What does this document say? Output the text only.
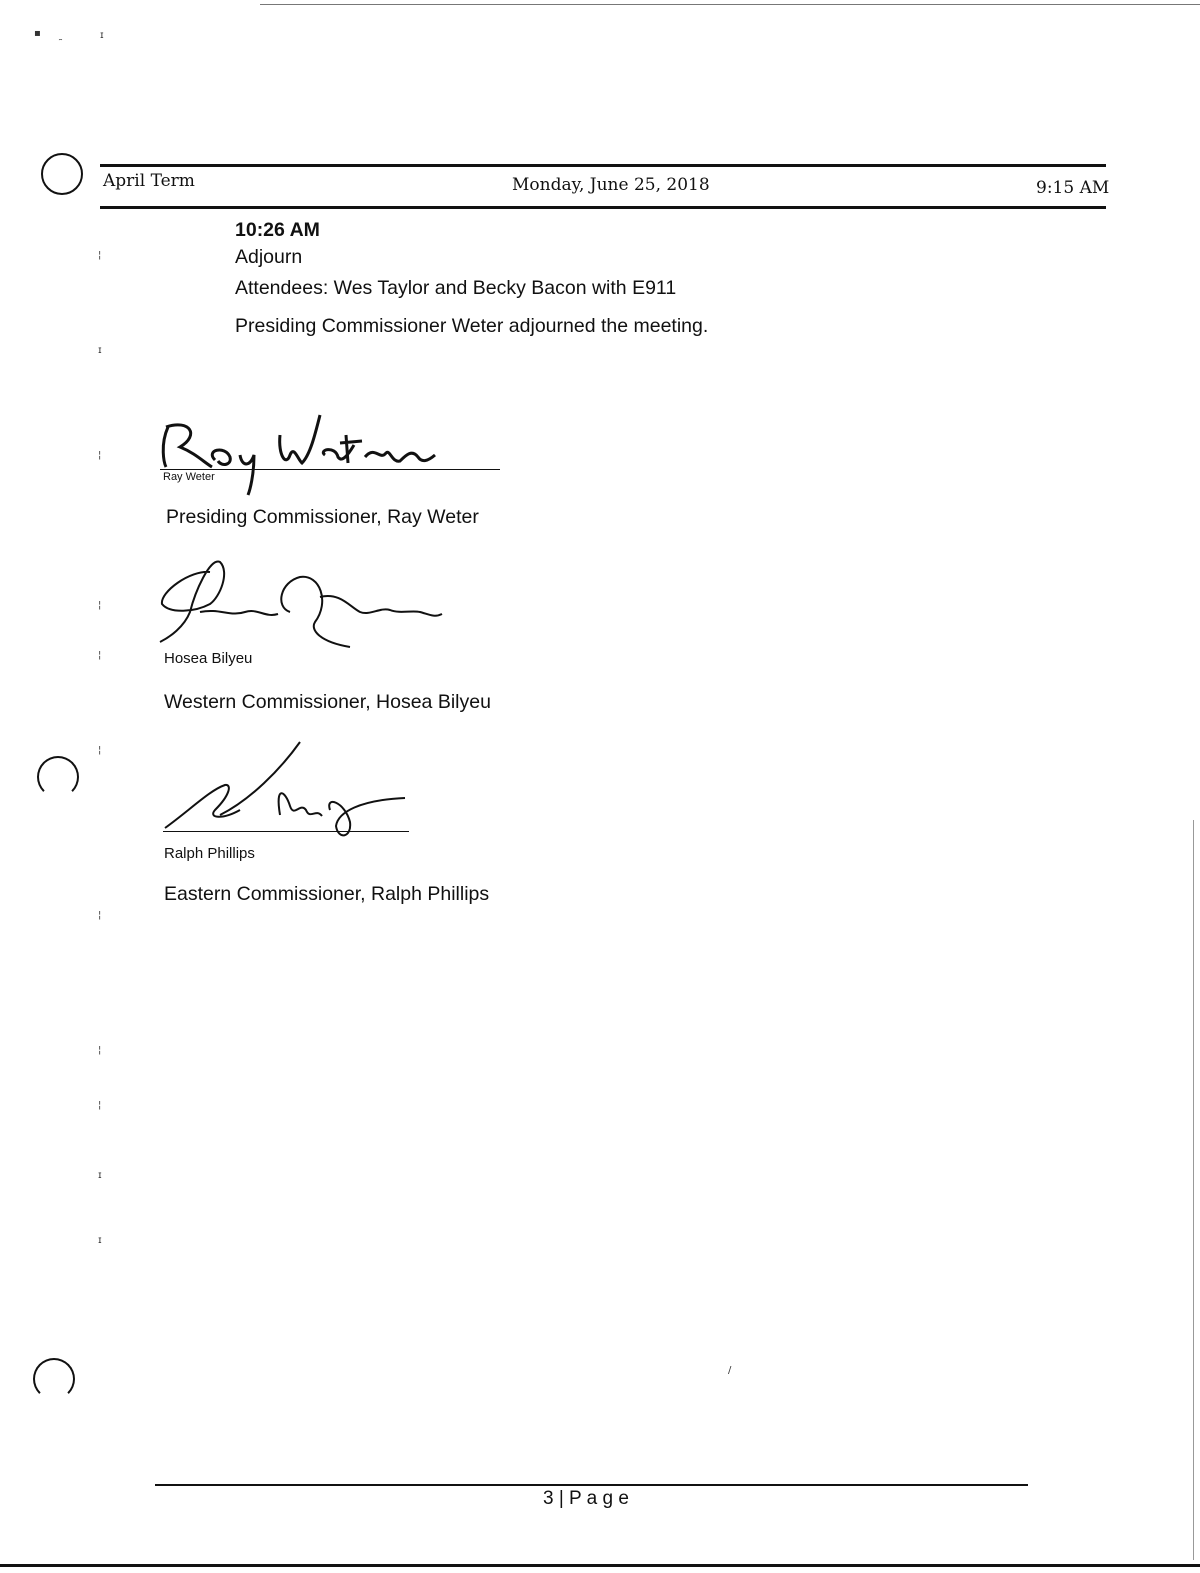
▪ ˷	ɪ
¦
ɪ
¦
¦
¦
¦
¦
¦
¦
ɪ
ɪ
/
April Term	Monday, June 25, 2018	9:15 AM
10:26 AM
Adjourn
Attendees: Wes Taylor and Becky Bacon with E911
Presiding Commissioner Weter adjourned the meeting.
Ray Weter
Presiding Commissioner, Ray Weter
Hosea Bilyeu
Western Commissioner, Hosea Bilyeu
Ralph Phillips
Eastern Commissioner, Ralph Phillips
3 | P a g e
